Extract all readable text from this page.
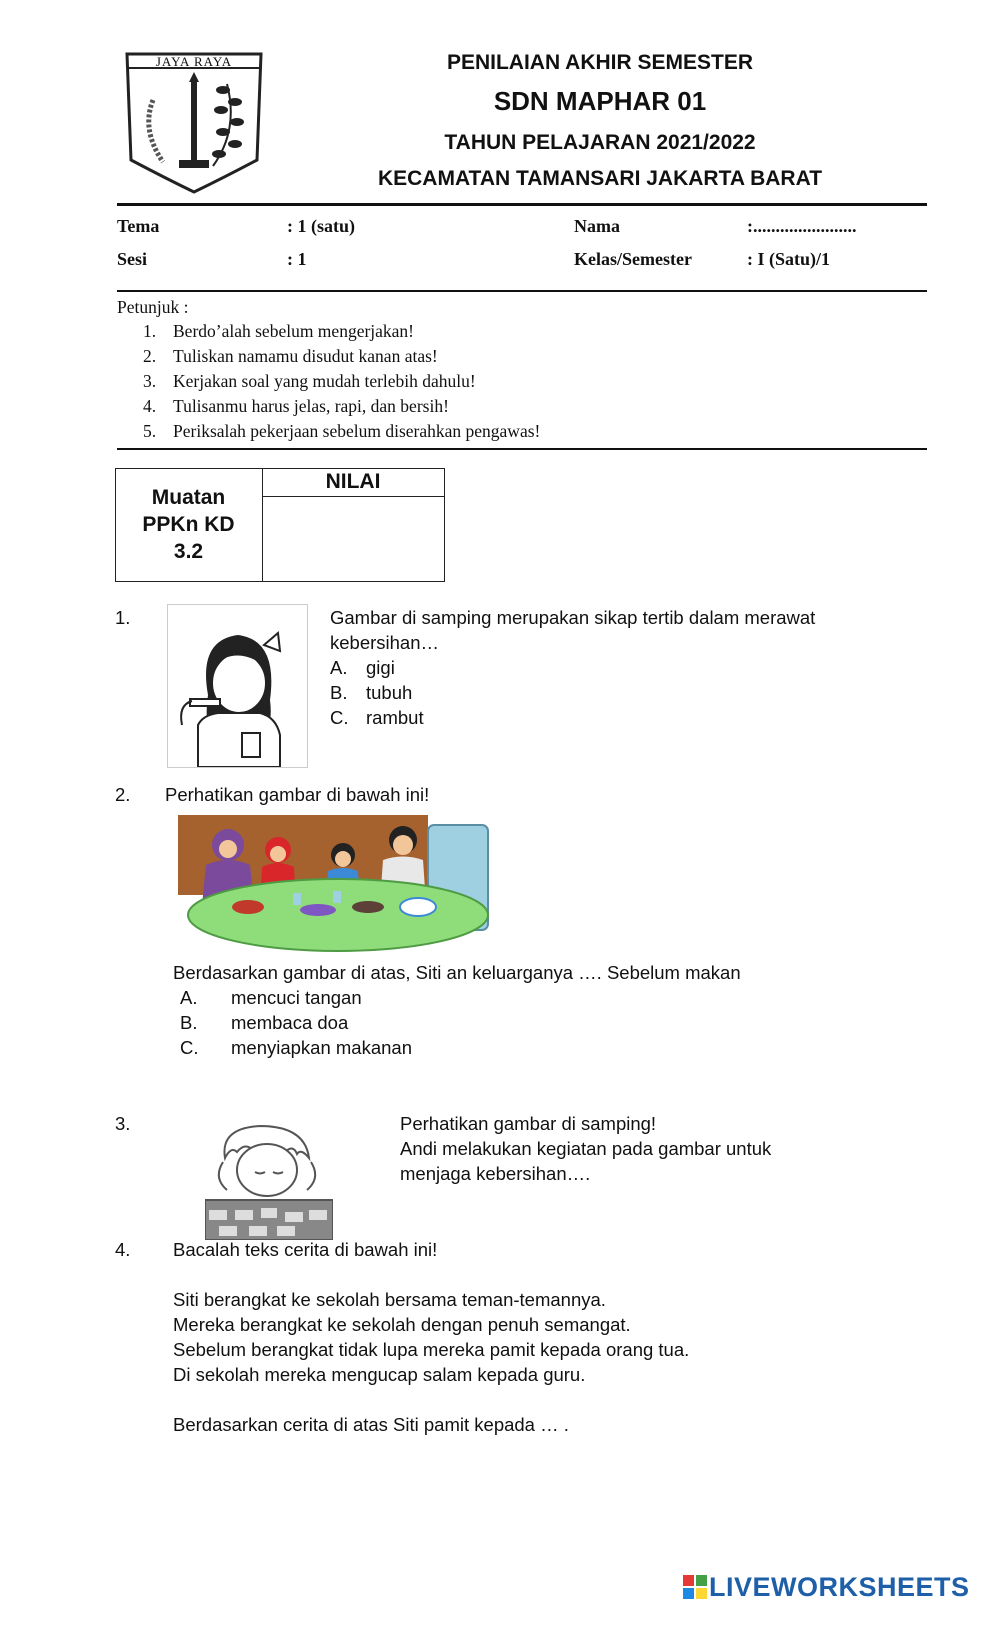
JAYA RAYA	PENILAIAN AKHIR SEMESTER
SDN MAPHAR 01
TAHUN PELAJARAN 2021/2022
KECAMATAN TAMANSARI JAKARTA BARAT
Tema	: 1 (satu)
Sesi	: 1
Nama	:.......................
Kelas/Semester	: I (Satu)/1
Petunjuk :
1. Berdo’alah sebelum mengerjakan!
2. Tuliskan namamu disudut kanan atas!
3. Kerjakan soal yang mudah terlebih dahulu!
4. Tulisanmu harus jelas, rapi, dan bersih!
5. Periksalah pekerjaan sebelum diserahkan pengawas!
Muatan
PPKn KD
3.2
NILAI
1.	Gambar di samping merupakan sikap tertib dalam merawat
kebersihan…
A. gigi
B. tubuh
C. rambut
2. Perhatikan gambar di bawah ini!
Berdasarkan gambar di atas, Siti an keluarganya …. Sebelum makan
A. mencuci tangan
B. membaca doa
C. menyiapkan makanan
3.	Perhatikan gambar di samping!
Andi melakukan kegiatan pada gambar untuk
menjaga kebersihan….
4. Bacalah teks cerita di bawah ini!
Siti berangkat ke sekolah bersama teman-temannya.
Mereka berangkat ke sekolah dengan penuh semangat.
Sebelum berangkat tidak lupa mereka pamit kepada orang tua.
Di sekolah mereka mengucap salam kepada guru.
Berdasarkan cerita di atas Siti pamit kepada … .
LIVEWORKSHEETS
